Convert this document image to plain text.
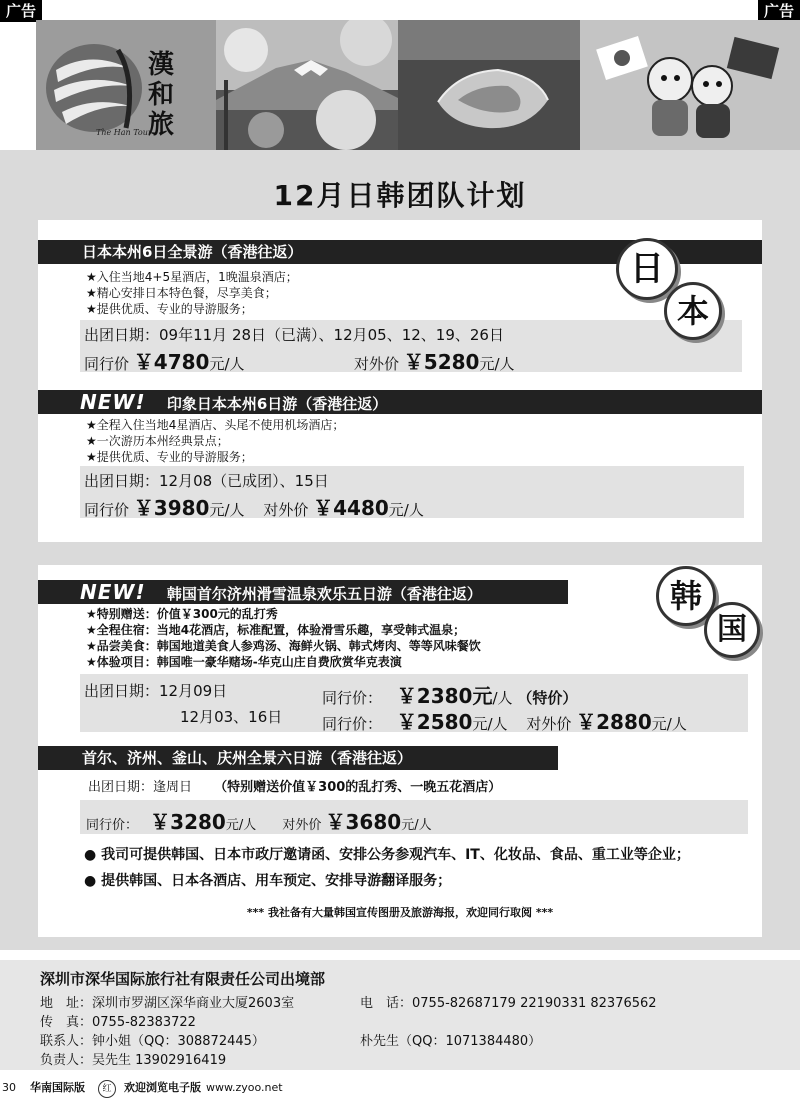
广告	广告
漢和旅
The Han Tour
12月日韩团队计划
日本本州6日全景游（香港往返）
★入住当地4+5星酒店，1晚温泉酒店；
★精心安排日本特色餐，尽享美食；
★提供优质、专业的导游服务；
出团日期：09年11月 28日（已满）、12月05、12、19、26日
同行价 ￥4780元/人	对外价 ￥5280元/人
日
本
NEW! 印象日本本州6日游（香港往返）
★全程入住当地4星酒店、头尾不使用机场酒店；
★一次游历本州经典景点；
★提供优质、专业的导游服务；
出团日期：12月08（已成团）、15日
同行价 ￥3980元/人 对外价 ￥4480元/人
NEW! 韩国首尔济州滑雪温泉欢乐五日游（香港往返）	韩
国
★特别赠送：价值￥300元的乱打秀
★全程住宿：当地4花酒店，标准配置，体验滑雪乐趣，享受韩式温泉；
★品尝美食：韩国地道美食人参鸡汤、海鲜火锅、韩式烤肉、等等风味餐饮
★体验项目：韩国唯一豪华赌场-华克山庄自费欣赏华克表演
出团日期：12月09日	同行价： ￥2380元/人 （特价）
12月03、16日	同行价： ￥2580元/人 对外价 ￥2880元/人
首尔、济州、釜山、庆州全景六日游（香港往返）
出团日期：逢周日 （特别赠送价值￥300的乱打秀、一晚五花酒店）
同行价： ￥3280元/人 对外价 ￥3680元/人
● 我司可提供韩国、日本市政厅邀请函、安排公务参观汽车、IT、化妆品、食品、重工业等企业；
● 提供韩国、日本各酒店、用车预定、安排导游翻译服务；
*** 我社备有大量韩国宣传图册及旅游海报，欢迎同行取阅 ***
深圳市深华国际旅行社有限责任公司出境部
地　址：深圳市罗湖区深华商业大厦2603室	电　话：0755-82687179 22190331 82376562
传　真：0755-82383722
联系人：钟小姐（QQ：308872445）	朴先生（QQ：1071384480）
负责人：吴先生 13902916419
30 华南国际版	红	欢迎浏览电子版 www.zyoo.net
